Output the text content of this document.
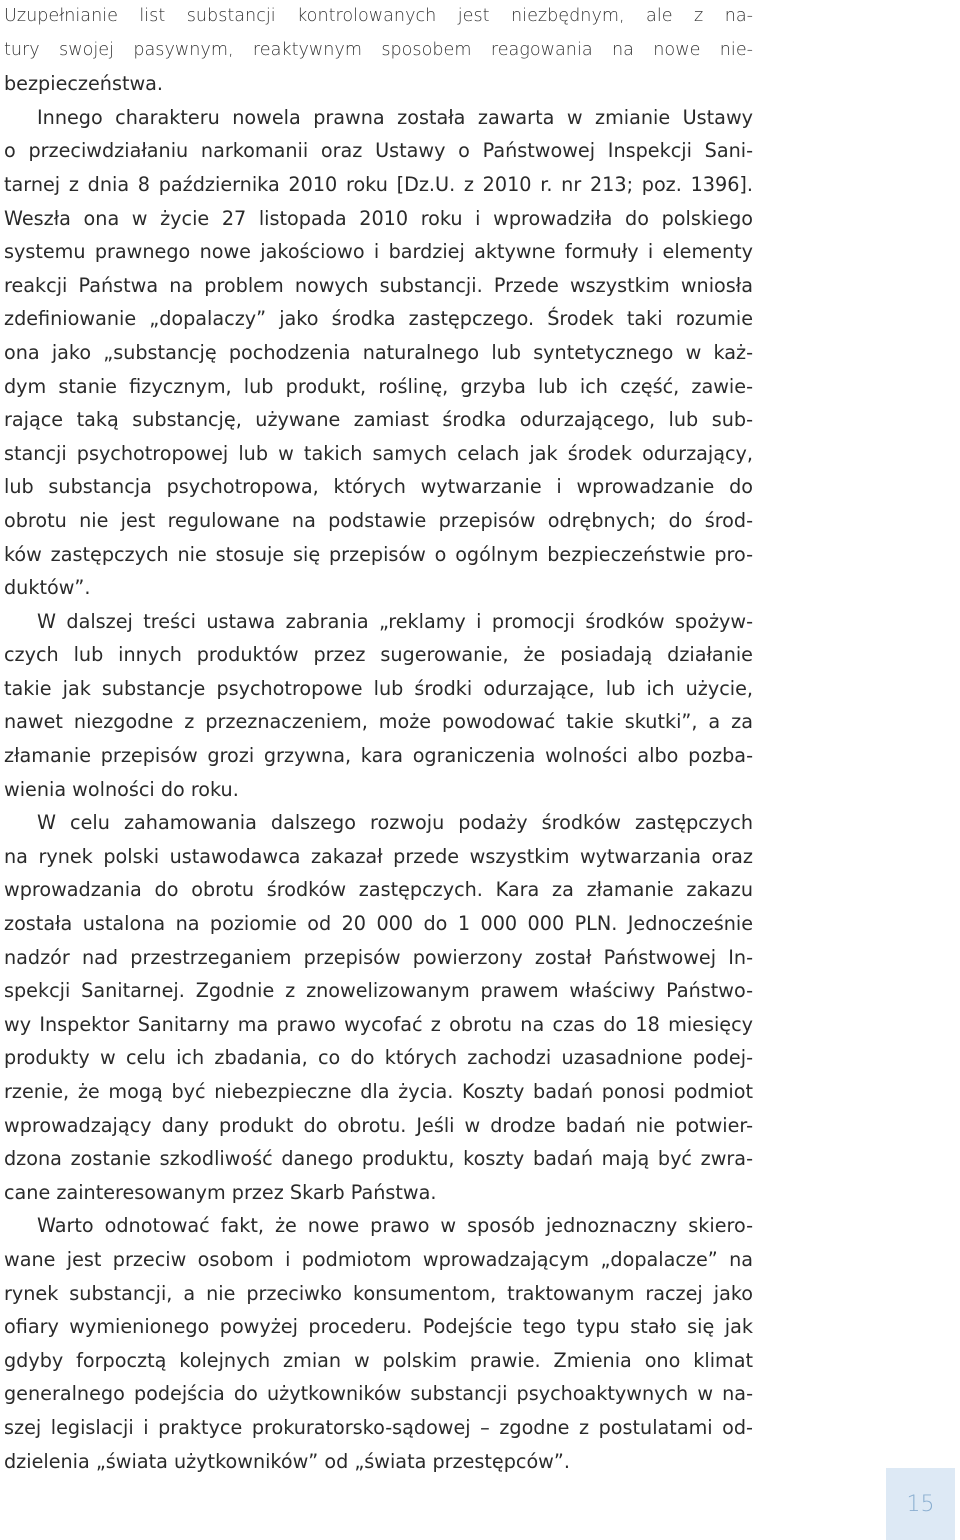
Uzupełnianie list substancji kontrolowanych jest niezbędnym, ale z na-
tury swojej pasywnym, reaktywnym sposobem reagowania na nowe nie-
bezpieczeństwa.
Innego charakteru nowela prawna została zawarta w zmianie Ustawy
o przeciwdziałaniu narkomanii oraz Ustawy o Państwowej Inspekcji Sani-
tarnej z dnia 8 października 2010 roku [Dz.U. z 2010 r. nr 213; poz. 1396].
Weszła ona w życie 27 listopada 2010 roku i wprowadziła do polskiego
systemu prawnego nowe jakościowo i bardziej aktywne formuły i elementy
reakcji Państwa na problem nowych substancji. Przede wszystkim wniosła
zdefiniowanie „dopalaczy” jako środka zastępczego. Środek taki rozumie
ona jako „substancję pochodzenia naturalnego lub syntetycznego w każ-
dym stanie fizycznym, lub produkt, roślinę, grzyba lub ich część, zawie-
rające taką substancję, używane zamiast środka odurzającego, lub sub-
stancji psychotropowej lub w takich samych celach jak środek odurzający,
lub substancja psychotropowa, których wytwarzanie i wprowadzanie do
obrotu nie jest regulowane na podstawie przepisów odrębnych; do środ-
ków zastępczych nie stosuje się przepisów o ogólnym bezpieczeństwie pro-
duktów”.
W dalszej treści ustawa zabrania „reklamy i promocji środków spożyw-
czych lub innych produktów przez sugerowanie, że posiadają działanie
takie jak substancje psychotropowe lub środki odurzające, lub ich użycie,
nawet niezgodne z przeznaczeniem, może powodować takie skutki”, a za
złamanie przepisów grozi grzywna, kara ograniczenia wolności albo pozba-
wienia wolności do roku.
W celu zahamowania dalszego rozwoju podaży środków zastępczych
na rynek polski ustawodawca zakazał przede wszystkim wytwarzania oraz
wprowadzania do obrotu środków zastępczych. Kara za złamanie zakazu
została ustalona na poziomie od 20 000 do 1 000 000 PLN. Jednocześnie
nadzór nad przestrzeganiem przepisów powierzony został Państwowej In-
spekcji Sanitarnej. Zgodnie z znowelizowanym prawem właściwy Państwo-
wy Inspektor Sanitarny ma prawo wycofać z obrotu na czas do 18 miesięcy
produkty w celu ich zbadania, co do których zachodzi uzasadnione podej-
rzenie, że mogą być niebezpieczne dla życia. Koszty badań ponosi podmiot
wprowadzający dany produkt do obrotu. Jeśli w drodze badań nie potwier-
dzona zostanie szkodliwość danego produktu, koszty badań mają być zwra-
cane zainteresowanym przez Skarb Państwa.
Warto odnotować fakt, że nowe prawo w sposób jednoznaczny skiero-
wane jest przeciw osobom i podmiotom wprowadzającym „dopalacze” na
rynek substancji, a nie przeciwko konsumentom, traktowanym raczej jako
ofiary wymienionego powyżej procederu. Podejście tego typu stało się jak
gdyby forpocztą kolejnych zmian w polskim prawie. Zmienia ono klimat
generalnego podejścia do użytkowników substancji psychoaktywnych w na-
szej legislacji i praktyce prokuratorsko-sądowej – zgodne z postulatami od-
dzielenia „świata użytkowników” od „świata przestępców”.
15
